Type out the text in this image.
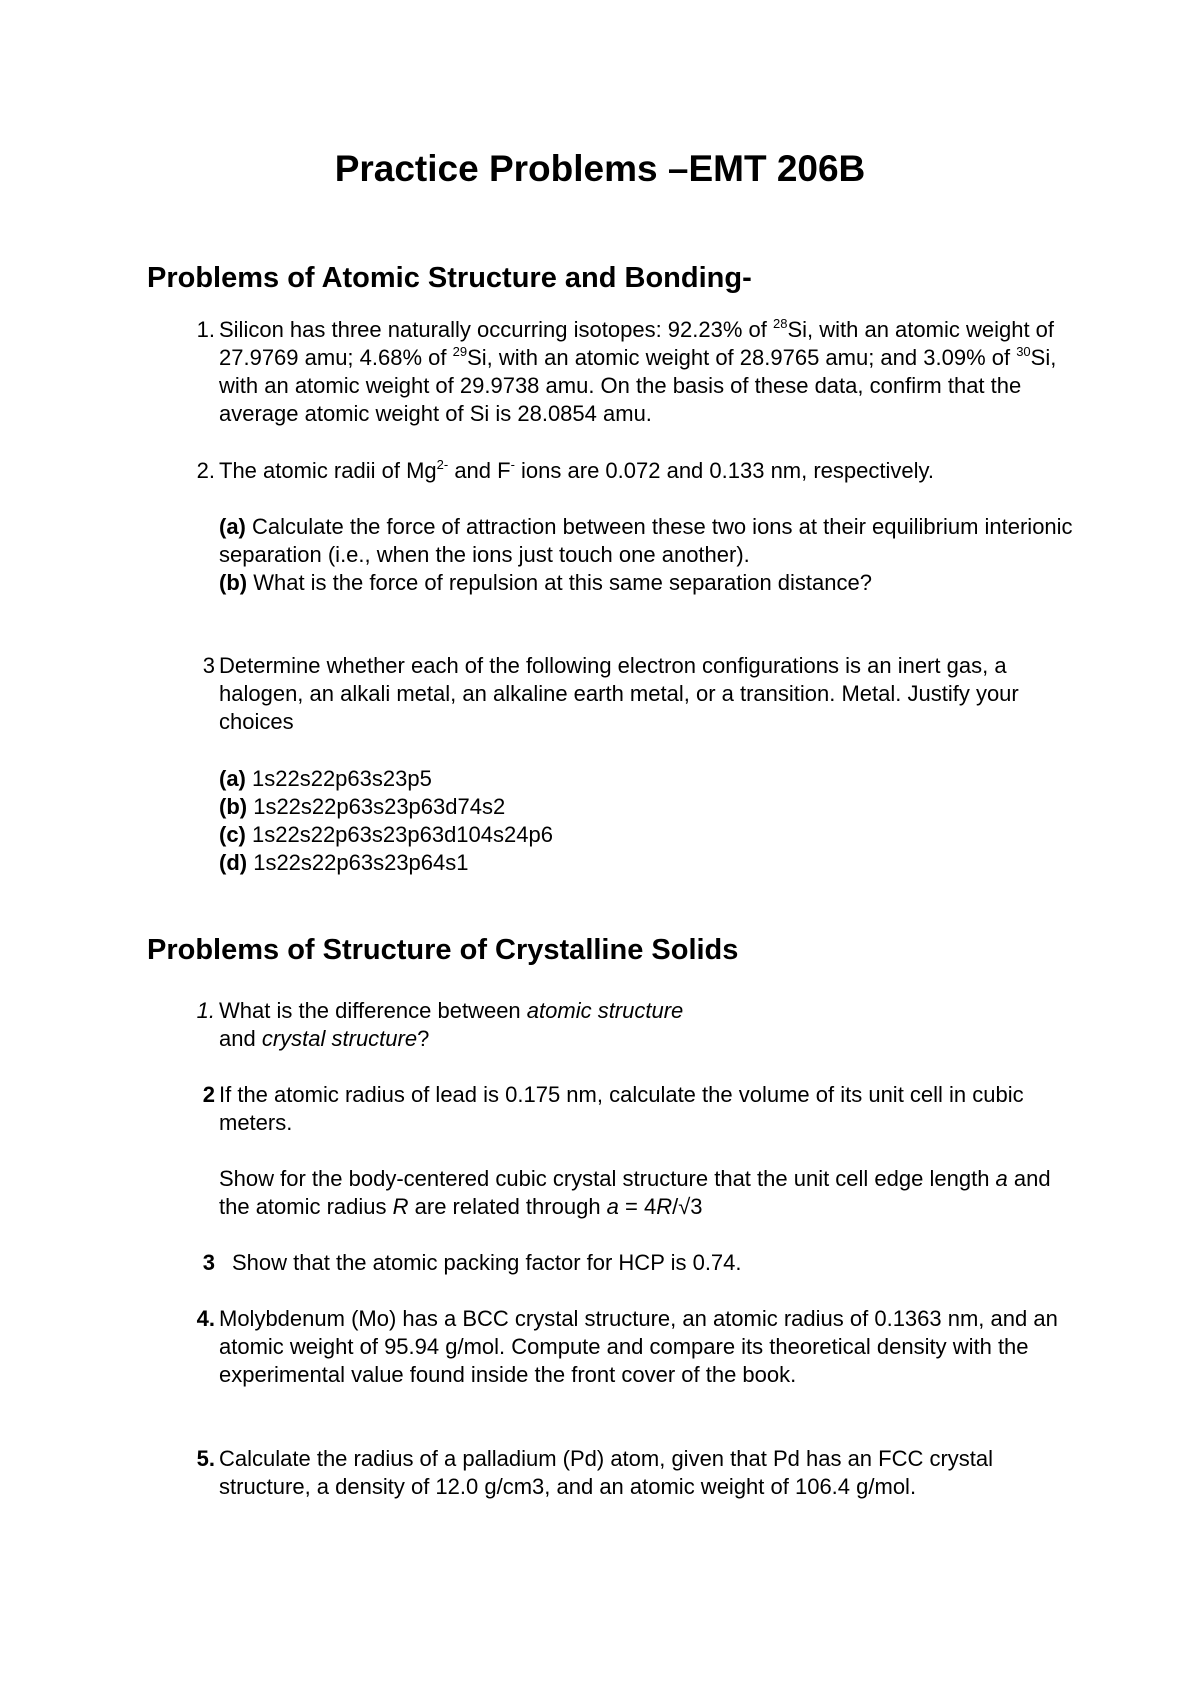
Practice Problems –EMT 206B
Problems of Atomic Structure and Bonding-
1. Silicon has three naturally occurring isotopes: 92.23% of $^{28}$Si, with an atomic weight of 27.9769 amu; 4.68% of $^{29}$Si, with an atomic weight of 28.9765 amu; and 3.09% of $^{30}$Si, with an atomic weight of 29.9738 amu. On the basis of these data, confirm that the average atomic weight of Si is 28.0854 amu.

2. The atomic radii of $Mg^{2-}$ and F- ions are 0.072 and 0.133 nm, respectively.

(a) Calculate the force of attraction between these two ions at their equilibrium interionic separation (i.e., when the ions just touch one another).

(b) What is the force of repulsion at this same separation distance?

3 Determine whether each of the following electron configurations is an inert gas, a halogen, an alkali metal, an alkaline earth metal, or a transition. Metal. Justify your choices

(a) 1s22s22p63s23p5

(b) 1s22s22p63s23p63d74s2

(c) 1s22s22p63s23p63d104s24p6

(d) 1s22s22p63s23p64s1

Problems of Structure of Crystalline Solids
1. What is the difference between atomic structure

and crystal structure?

2 If the atomic radius of lead is 0.175 nm, calculate the volume of its unit cell in cubic meters.

Show for the body-centered cubic crystal structure that the unit cell edge length a and the atomic radius R are related through a = 4R/√3

3 Show that the atomic packing factor for HCP is 0.74.
4. Molybdenum (Mo) has a BCC crystal structure, an atomic radius of 0.1363 nm, and an atomic weight of 95.94 g/mol. Compute and compare its theoretical density with the experimental value found inside the front cover of the book.
5. Calculate the radius of a palladium (Pd) atom, given that Pd has an FCC crystal structure, a density of 12.0 g/cm3, and an atomic weight of 106.4 g/mol.
